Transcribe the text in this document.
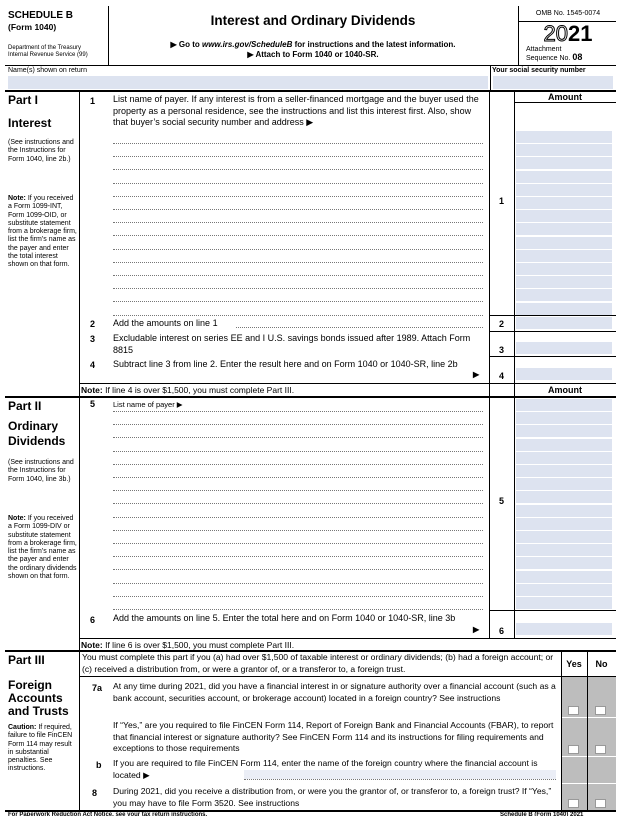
SCHEDULE B
(Form 1040)
Department of the Treasury
Internal Revenue Service (99)
Interest and Ordinary Dividends
▶ Go to www.irs.gov/ScheduleB for instructions and the latest information.
▶ Attach to Form 1040 or 1040-SR.
OMB No. 1545-0074
2021
Attachment
Sequence No. 08
Name(s) shown on return	Your social security number
Part I
Interest
(See instructions and the Instructions for Form 1040, line 2b.)
Note: If you received a Form 1099-INT, Form 1099-OID, or substitute statement from a brokerage firm, list the firm’s name as the payer and enter the total interest shown on that form.
1 List name of payer. If any interest is from a seller-financed mortgage and the buyer used the property as a personal residence, see the instructions and list this interest first. Also, show that buyer’s social security number and address ▶
Amount
1
2 Add the amounts on line 1	2
3 Excludable interest on series EE and I U.S. savings bonds issued after 1989. Attach Form 8815	3
4 Subtract line 3 from line 2. Enter the result here and on Form 1040 or 1040-SR, line 2b
▶	4
Note: If line 4 is over $1,500, you must complete Part III.	Amount
Part II
Ordinary
Dividends
(See instructions and the Instructions for Form 1040, line 3b.)
Note: If you received a Form 1099-DIV or substitute statement from a brokerage firm, list the firm’s name as the payer and enter the ordinary dividends shown on that form.
5 List name of payer ▶
5
6 Add the amounts on line 5. Enter the total here and on Form 1040 or 1040-SR, line 3b
▶	6
Note: If line 6 is over $1,500, you must complete Part III.
Part III	You must complete this part if you (a) had over $1,500 of taxable interest or ordinary dividends; (b) had a foreign account; or (c) received a distribution from, or were a grantor of, or a transferor to, a foreign trust.	Yes	No
Foreign
Accounts
and Trusts
Caution: If required, failure to file FinCEN Form 114 may result in substantial penalties. See instructions.
7a At any time during 2021, did you have a financial interest in or signature authority over a financial account (such as a bank account, securities account, or brokerage account) located in a foreign country? See instructions
If “Yes,” are you required to file FinCEN Form 114, Report of Foreign Bank and Financial Accounts (FBAR), to report that financial interest or signature authority? See FinCEN Form 114 and its instructions for filing requirements and exceptions to those requirements
b If you are required to file FinCEN Form 114, enter the name of the foreign country where the financial account is located ▶
8 During 2021, did you receive a distribution from, or were you the grantor of, or transferor to, a foreign trust? If “Yes,” you may have to file Form 3520. See instructions
For Paperwork Reduction Act Notice, see your tax return instructions.	Schedule B (Form 1040) 2021
